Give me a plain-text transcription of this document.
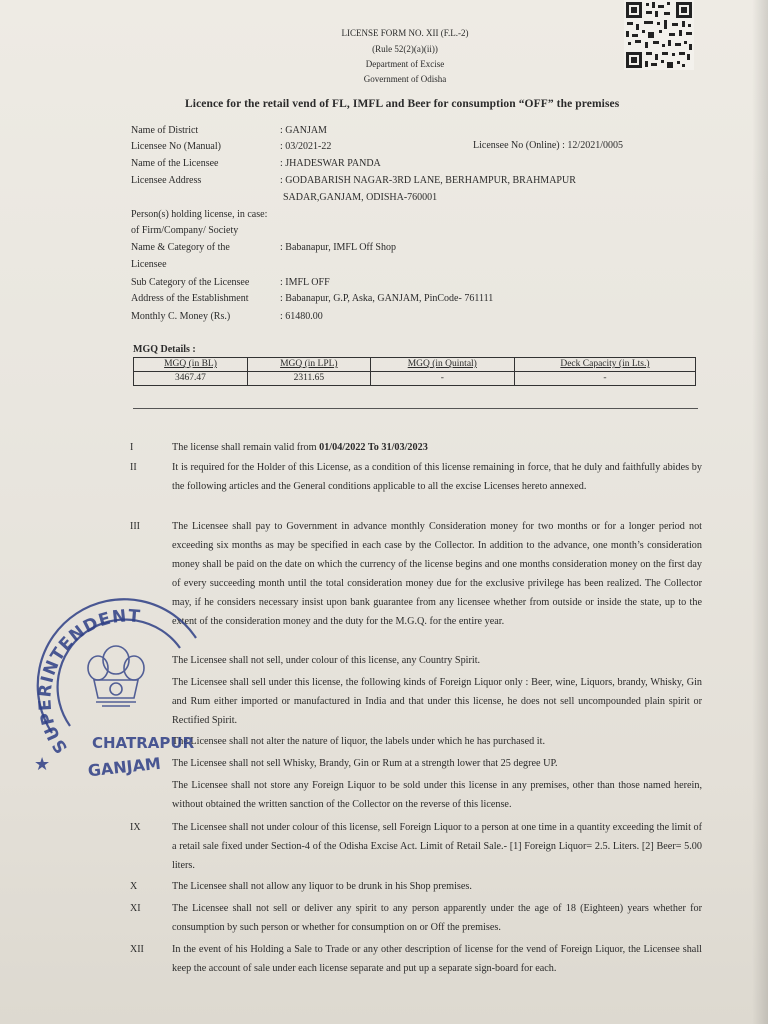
LICENSE FORM NO. XII (F.L.-2)
(Rule 52(2)(a)(ii))
Department of Excise
Government of Odisha
Licence for the retail vend of FL, IMFL and Beer for consumption “OFF” the premises
Name of District	: GANJAM
Licensee No (Manual)	: 03/2021-22	Licensee No (Online) : 12/2021/0005
Name of the Licensee	: JHADESWAR PANDA
Licensee Address	: GODABARISH NAGAR-3RD LANE, BERHAMPUR, BRAHMAPUR
SADAR,GANJAM, ODISHA-760001
Person(s) holding license, in case:
of Firm/Company/ Society
Name & Category of the	: Babanapur, IMFL Off Shop
Licensee
Sub Category of the Licensee	: IMFL OFF
Address of the Establishment	: Babanapur, G.P, Aska, GANJAM, PinCode- 761111
Monthly C. Money (Rs.)	: 61480.00
MGQ Details :
MGQ (in BL)	MGQ (in LPL)	MGQ (in Quintal)	Deck Capacity (in Lts.)
3467.47	2311.65	-	-
I	The license shall remain valid from 01/04/2022 To 31/03/2023
II	It is required for the Holder of this License, as a condition of this license remaining in force, that he duly and faithfully abides by the following articles and the General conditions applicable to all the excise Licenses hereto annexed.
III	The Licensee shall pay to Government in advance monthly Consideration money for two months or for a longer period not exceeding six months as may be specified in each case by the Collector. In addition to the advance, one month’s consideration money shall be paid on the date on which the currency of the license begins and one months consideration money on the first day of every succeeding month until the total consideration money due for the exclusive privilege has been realized. The Collector may, if he considers necessary insist upon bank guarantee from any licensee whether from outside or inside the state, up to the extent of the consideration money and the duty for the M.G.Q. for the entire year.
The Licensee shall not sell, under colour of this license, any Country Spirit.
The Licensee shall sell under this license, the following kinds of Foreign Liquor only : Beer, wine, Liquors, brandy, Whisky, Gin and Rum either imported or manufactured in India and that under this license, he does not sell uncompounded plain spirit or Rectified Spirit.
The Licensee shall not alter the nature of liquor, the labels under which he has purchased it.
The Licensee shall not sell Whisky, Brandy, Gin or Rum at a strength lower that 25 degree UP.
The Licensee shall not store any Foreign Liquor to be sold under this license in any premises, other than those named herein, without obtained the written sanction of the Collector on the reverse of this license.
IX	The Licensee shall not under colour of this license, sell Foreign Liquor to a person at one time in a quantity exceeding the limit of a retail sale fixed under Section-4 of the Odisha Excise Act. Limit of Retail Sale.- [1] Foreign Liquor= 2.5. Liters. [2] Beer= 5.00 liters.
X	The Licensee shall not allow any liquor to be drunk in his Shop premises.
XI	The Licensee shall not sell or deliver any spirit to any person apparently under the age of 18 (Eighteen) years whether for consumption by such person or whether for consumption on or Off the premises.
XII	In the event of his Holding a Sale to Trade or any other description of license for the vend of Foreign Liquor, the Licensee shall keep the account of sale under each license separate and put up a separate sign-board for each.
SUPERINTENDENT
CHATRAPUR
★ GANJAM
